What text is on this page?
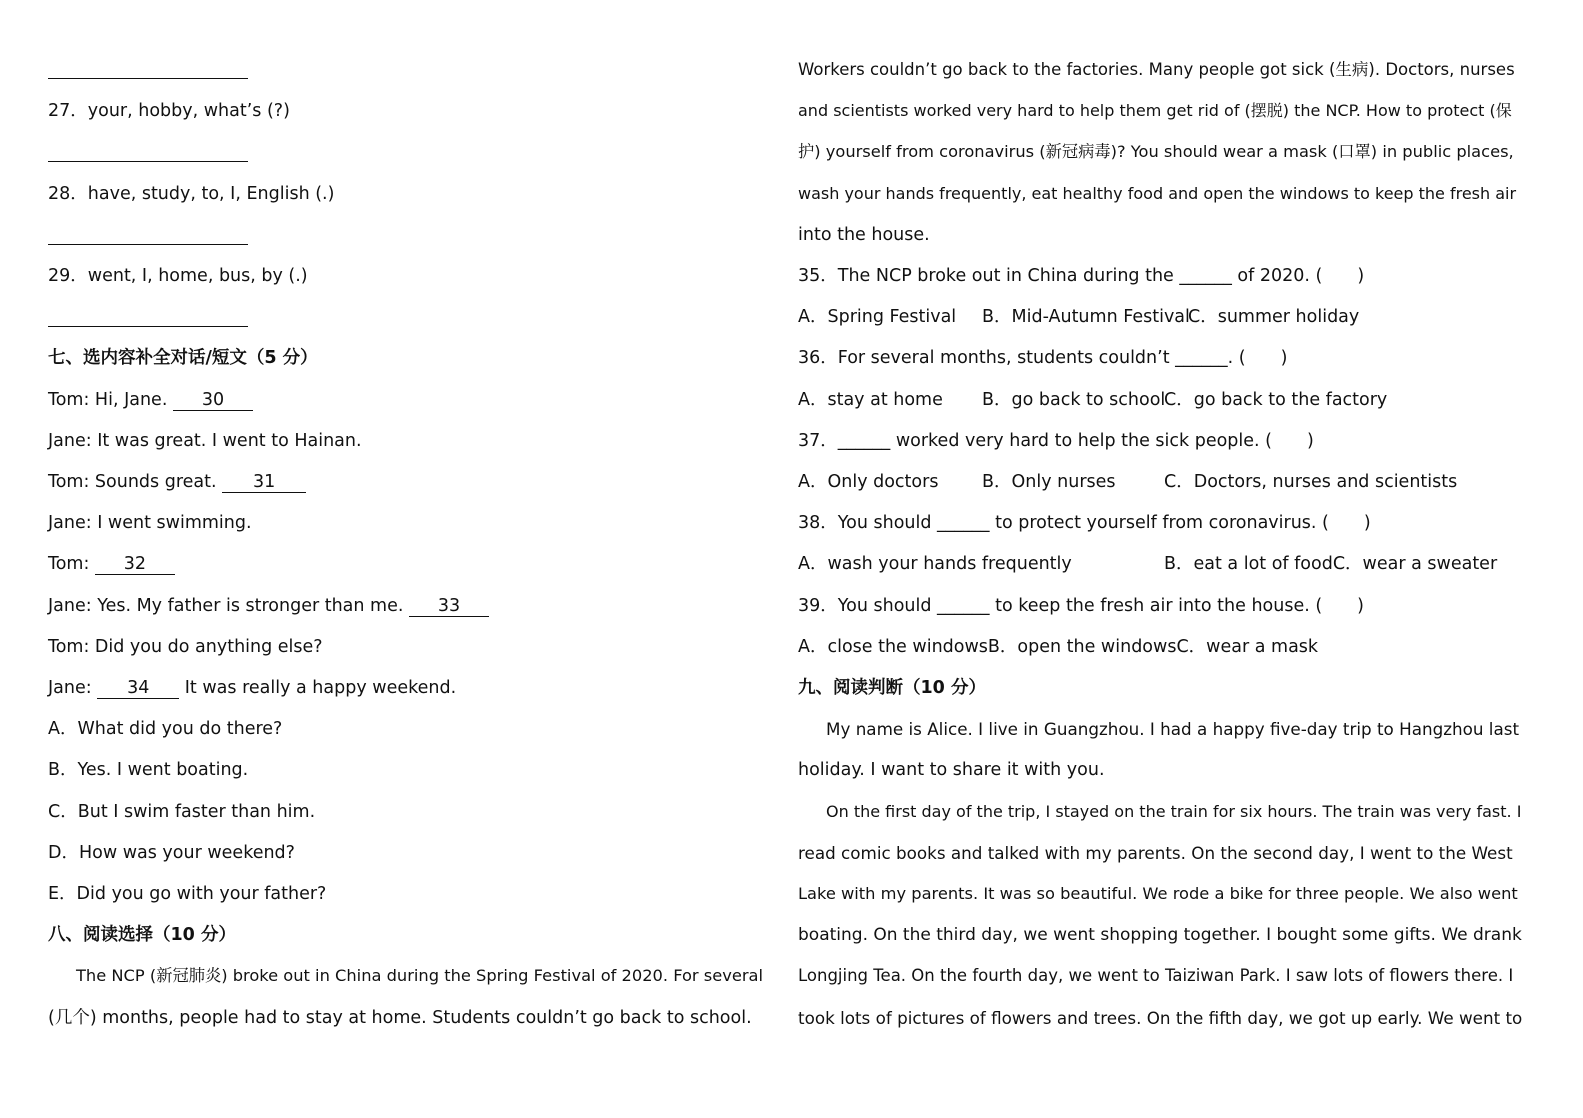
27．your, hobby, what’s (?)
28．have, study, to, I, English (.)
29．went, I, home, bus, by (.)
七、选内容补全对话/短文（5 分）
Tom: Hi, Jane. 30
Jane: It was great. I went to Hainan.
Tom: Sounds great. 31
Jane: I went swimming.
Tom: 32
Jane: Yes. My father is stronger than me. 33
Tom: Did you do anything else?
Jane: 34 It was really a happy weekend.
A．What did you do there?
B．Yes. I went boating.
C．But I swim faster than him.
D．How was your weekend?
E．Did you go with your father?
八、阅读选择（10 分）
The NCP (新冠肺炎) broke out in China during the Spring Festival of 2020. For several
(几个) months, people had to stay at home. Students couldn’t go back to school.
Workers couldn’t go back to the factories. Many people got sick (生病). Doctors, nurses
and scientists worked very hard to help them get rid of (摆脱) the NCP. How to protect (保
护) yourself from coronavirus (新冠病毒)? You should wear a mask (口罩) in public places,
wash your hands frequently, eat healthy food and open the windows to keep the fresh air
into the house.
35．The NCP broke out in China during the ______ of 2020. (　　)
A．Spring Festival B．Mid-Autumn FestivalC．summer holiday
36．For several months, students couldn’t ______. (　　)
A．stay at home B．go back to schoolC．go back to the factory
37．______ worked very hard to help the sick people. (　　)
A．Only doctors B．Only nurses	C．Doctors, nurses and scientists
38．You should ______ to protect yourself from coronavirus. (　　)
A．wash your hands frequently	B．eat a lot of foodC．wear a sweater
39．You should ______ to keep the fresh air into the house. (　　)
A．close the windowsB．open the windowsC．wear a mask
九、阅读判断（10 分）
My name is Alice. I live in Guangzhou. I had a happy five-day trip to Hangzhou last
holiday. I want to share it with you.
On the first day of the trip, I stayed on the train for six hours. The train was very fast. I
read comic books and talked with my parents. On the second day, I went to the West
Lake with my parents. It was so beautiful. We rode a bike for three people. We also went
boating. On the third day, we went shopping together. I bought some gifts. We drank
Longjing Tea. On the fourth day, we went to Taiziwan Park. I saw lots of flowers there. I
took lots of pictures of flowers and trees. On the fifth day, we got up early. We went to
